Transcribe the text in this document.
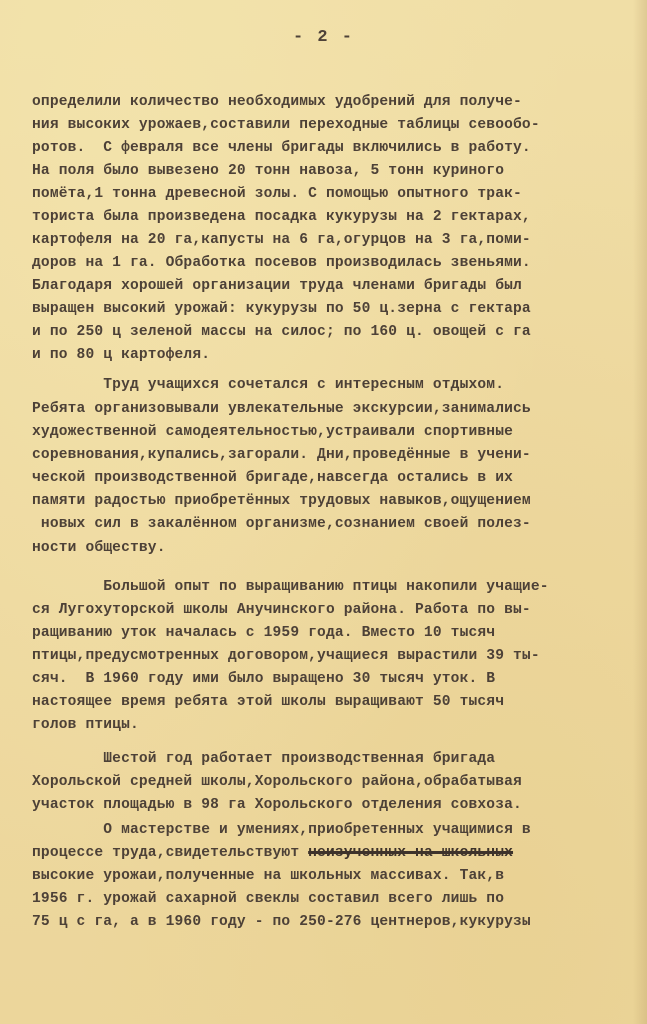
- 2 -
определили количество необходимых удобрений для получе-
ния высоких урожаев,составили переходные таблицы севообо-
ротов.  С февраля все члены бригады включились в работу.
На поля было вывезено 20 тонн навоза, 5 тонн куриного
помёта,1 тонна древесной золы. С помощью опытного трак-
ториста была произведена посадка кукурузы на 2 гектарах,
картофеля на 20 га,капусты на 6 га,огурцов на 3 га,поми-
доров на 1 га. Обработка посевов производилась звеньями.
Благодаря хорошей организации труда членами бригады был
выращен высокий урожай: кукурузы по 50 ц.зерна с гектара
и по 250 ц зеленой массы на силос; по 160 ц. овощей с га
и по 80 ц картофеля.
Труд учащихся сочетался с интересным отдыхом.
Ребята организовывали увлекательные экскурсии,занимались
художественной самодеятельностью,устраивали спортивные
соревнования,купались,загорали. Дни,проведённые в учени-
ческой производственной бригаде,навсегда остались в их
памяти радостью приобретённых трудовых навыков,ощущением
новых сил в закалённом организме,сознанием своей полез-
ности обществу.
Большой опыт по выращиванию птицы накопили учащие-
ся Лугохуторской школы Анучинского района. Работа по вы-
ращиванию уток началась с 1959 года. Вместо 10 тысяч
птицы,предусмотренных договором,учащиеся вырастили 39 ты-
сяч.  В 1960 году ими было выращено 30 тысяч уток. В
настоящее время ребята этой школы выращивают 50 тысяч
голов птицы.
Шестой год работает производственная бригада
Хорольской средней школы,Хорольского района,обрабатывая
участок площадью в 98 га Хорольского отделения совхоза.
О мастерстве и умениях,приобретенных учащимися в
процессе труда,свидетельствуют неизученных на школьных
высокие урожаи,полученные на школьных массивах. Так,в
1956 г. урожай сахарной свеклы составил всего лишь по
75 ц с га, а в 1960 году - по 250-276 центнеров,кукурузы
